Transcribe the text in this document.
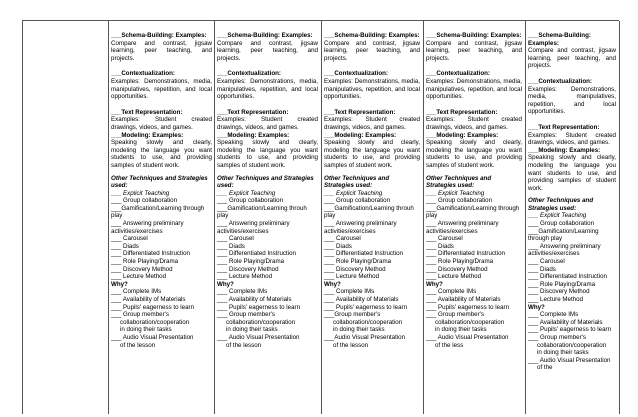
___Schema-Building: Examples:

Compare and contrast, jigsaw learning, peer teaching, and projects.

___Contextualization:

Examples: Demonstrations, media, manipulatives, repetition, and local opportunities.

___Text Representation:

Examples: Student created drawings, videos, and games.

___Modeling: Examples:

Speaking slowly and clearly, modeling the language you want students to use, and providing samples of student work.

Other Techniques and Strategies used:

___ Explicit Teaching

___ Group collaboration

___Gamification/Learning through play

___ Answering preliminary activities/exercises

___ Carousel

___ Diads

___ Differentiated Instruction

___ Role Playing/Drama

___ Discovery Method

___ Lecture Method

Why?

___ Complete IMs

___ Availability of Materials

___ Pupils' eagerness to learn

___ Group member's

collaboration/cooperation

in doing their tasks

___ Audio Visual Presentation

of the lesson

___Schema-Building: Examples:

Compare and contrast, jigsaw learning, peer teaching, and projects.

___Contextualization:

Examples: Demonstrations, media, manipulatives, repetition, and local opportunities.

___Text Representation:

Examples: Student created drawings, videos, and games.

___Modeling: Examples:

Speaking slowly and clearly, modeling the language you want students to use, and providing samples of student work.

Other Techniques and Strategies used:

___ Explicit Teaching

___ Group collaboration

___Gamification/Learning throuh play

___ Answering preliminary activities/exercises

___ Carousel

___ Diads

___ Differentiated Instruction

___ Role Playing/Drama

___ Discovery Method

___ Lecture Method

Why?

___ Complete IMs

___ Availability of Materials

___ Pupils' eagerness to learn

___ Group member's

collaboration/cooperation

in doing their tasks

___ Audio Visual Presentation

of the lesson

___Schema-Building: Examples:

Compare and contrast, jigsaw learning, peer teaching, and projects.

___Contextualization:

Examples: Demonstrations, media, manipulatives, repetition, and local opportunities.

___Text Representation:

Examples: Student created drawings, videos, and games.

___Modeling: Examples:

Speaking slowly and clearly, modeling the language you want students to use, and providing samples of student work.

Other Techniques and Strategies used:

___ Explicit Teaching

___ Group collaboration

___Gamification/Learning throuh play

___ Answering preliminary activities/exercises

___ Carousel

___ Diads

___ Differentiated Instruction

___ Role Playing/Drama

___ Discovery Method

___ Lecture Method

Why?

___ Complete IMs

___ Availability of Materials

___ Pupils' eagerness to learn

___Group member's

collaboration/cooperation

in doing their tasks

___Audio Visual Presentation

of the lesson

___Schema-Building: Examples:

Compare and contrast, jigsaw learning, peer teaching, and projects.

___Contextualization:

Examples: Demonstrations, media, manipulatives, repetition, and local opportunities.

___Text Representation:

Examples: Student created drawings, videos, and games.

___Modeling: Examples:

Speaking slowly and clearly, modeling the language you want students to use, and providing samples of student work.

Other Techniques and Strategies used:

___ Explicit Teaching

___ Group collaboration

___Gamification/Learning through play

___ Answering preliminary activities/exercises

___ Carousel

___ Diads

___ Differentiated Instruction

___ Role Playing/Drama

___ Discovery Method

___ Lecture Method

Why?

___ Complete IMs

___ Availability of Materials

___ Pupils' eagerness to learn

___ Group member's

collaboration/cooperation

in doing their tasks

___ Audio Visual Presentation

of the less

___Schema-Building: Examples:

Compare and contrast, jigsaw learning, peer teaching, and projects.

___Contextualization:

Examples: Demonstrations, media, manipulatives, repetition, and local opportunities.

___Text Representation:

Examples: Student created drawings, videos, and games.

___Modeling: Examples:

Speaking slowly and clearly, modeling the language you want students to use, and providing samples of student work.

Other Techniques and Strategies used:

___ Explicit Teaching

___ Group collaboration

___Gamification/Learning through play

___ Answering preliminary activities/exercises

___ Carousel

___ Diads

___ Differentiated Instruction

___ Role Playing/Drama

___ Discovery Method

___ Lecture Method

Why?

___ Complete IMs

___ Availability of Materials

___ Pupils' eagerness to learn

___ Group member's

collaboration/cooperation

in doing their tasks

___ Audio Visual Presentation

of the
